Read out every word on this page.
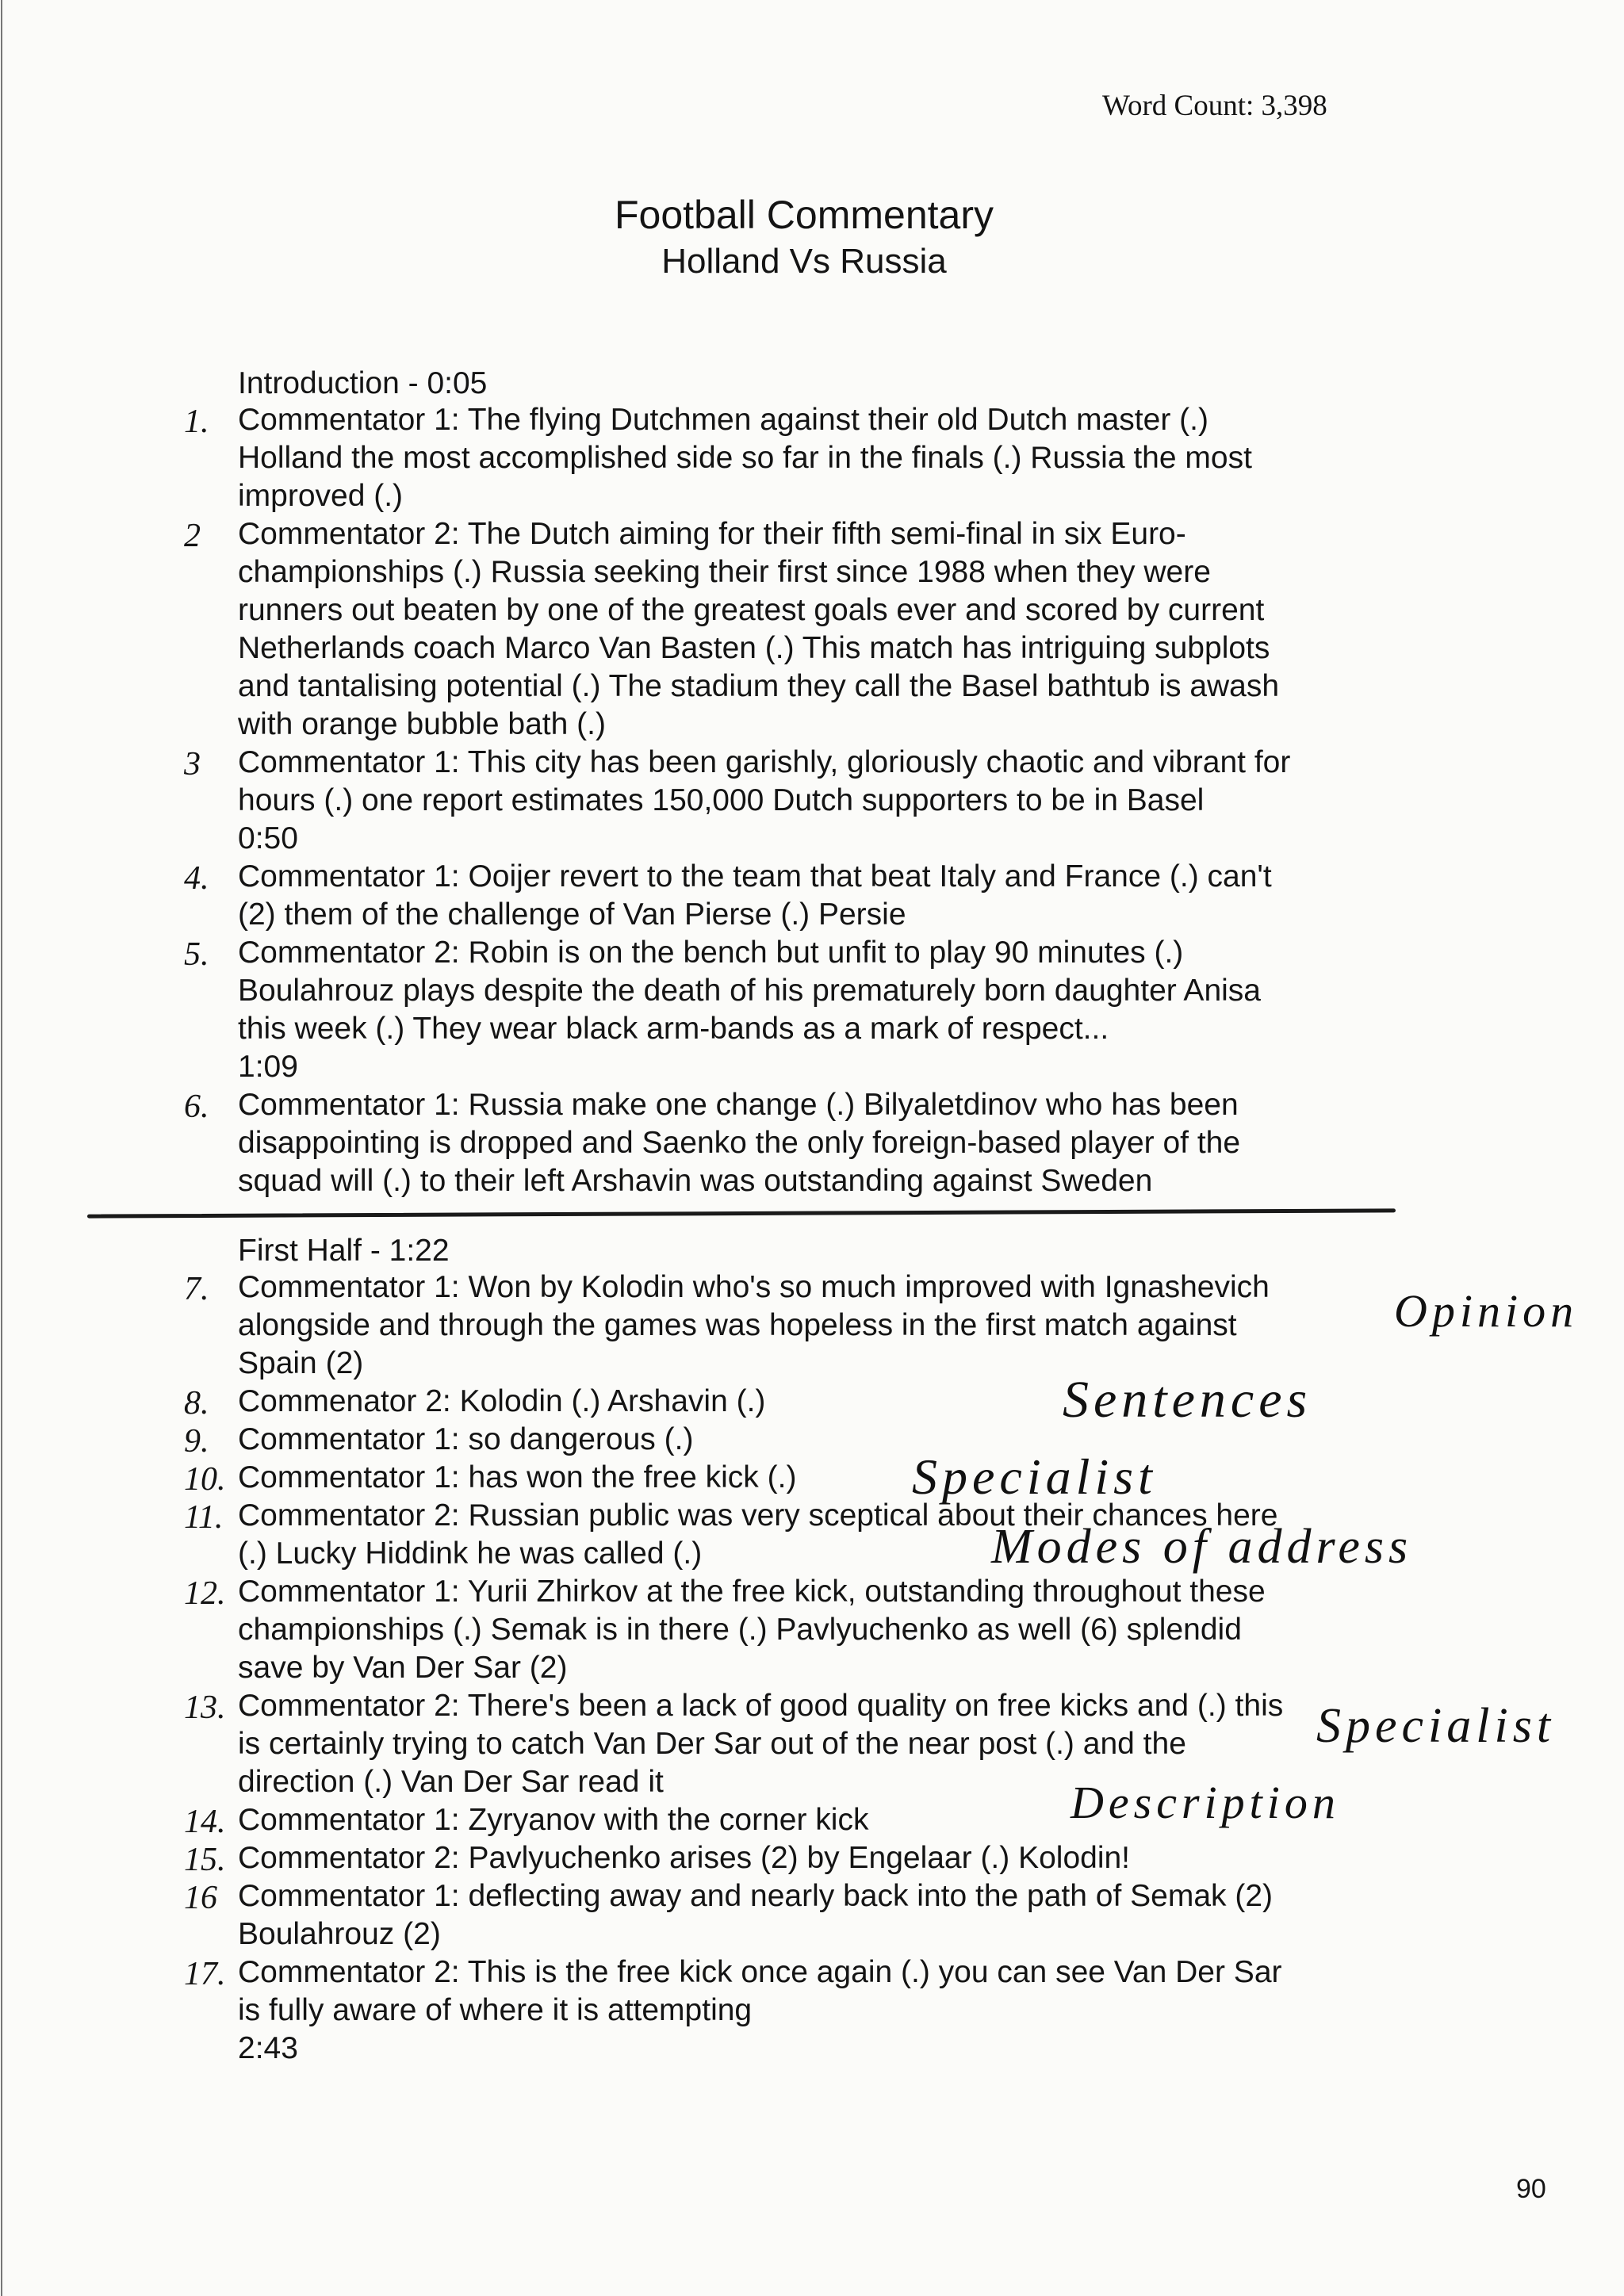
Word Count: 3,398
Football Commentary
Holland Vs Russia
Introduction - 0:05
1. Commentator 1: The flying Dutchmen against their old Dutch master (.)
Holland the most accomplished side so far in the finals (.) Russia the most
improved (.)
2 Commentator 2: The Dutch aiming for their fifth semi-final in six Euro-
championships (.) Russia seeking their first since 1988 when they were
runners out beaten by one of the greatest goals ever and scored by current
Netherlands coach Marco Van Basten (.) This match has intriguing subplots
and tantalising potential (.) The stadium they call the Basel bathtub is awash
with orange bubble bath (.)
3 Commentator 1: This city has been garishly, gloriously chaotic and vibrant for
hours (.) one report estimates 150,000 Dutch supporters to be in Basel
0:50
4. Commentator 1: Ooijer revert to the team that beat Italy and France (.) can't
(2) them of the challenge of Van Pierse (.) Persie
5. Commentator 2: Robin is on the bench but unfit to play 90 minutes (.)
Boulahrouz plays despite the death of his prematurely born daughter Anisa
this week (.) They wear black arm-bands as a mark of respect...
1:09
6. Commentator 1: Russia make one change (.) Bilyaletdinov who has been
disappointing is dropped and Saenko the only foreign-based player of the
squad will (.) to their left Arshavin was outstanding against Sweden
First Half - 1:22
7. Commentator 1: Won by Kolodin who's so much improved with Ignashevich
alongside and through the games was hopeless in the first match against
Spain (2)
8. Commenator 2: Kolodin (.) Arshavin (.)
9. Commentator 1: so dangerous (.)
10. Commentator 1: has won the free kick (.)
11. Commentator 2: Russian public was very sceptical about their chances here
(.) Lucky Hiddink he was called (.)
12. Commentator 1: Yurii Zhirkov at the free kick, outstanding throughout these
championships (.) Semak is in there (.) Pavlyuchenko as well (6) splendid
save by Van Der Sar (2)
13. Commentator 2: There's been a lack of good quality on free kicks and (.) this
is certainly trying to catch Van Der Sar out of the near post (.) and the
direction (.) Van Der Sar read it
14. Commentator 1: Zyryanov with the corner kick
15. Commentator 2: Pavlyuchenko arises (2) by Engelaar (.) Kolodin!
16 Commentator 1: deflecting away and nearly back into the path of Semak (2)
Boulahrouz (2)
17. Commentator 2: This is the free kick once again (.) you can see Van Der Sar
is fully aware of where it is attempting
2:43
Opinion
Sentences
Specialist
Modes of address
Specialist
Description
90
